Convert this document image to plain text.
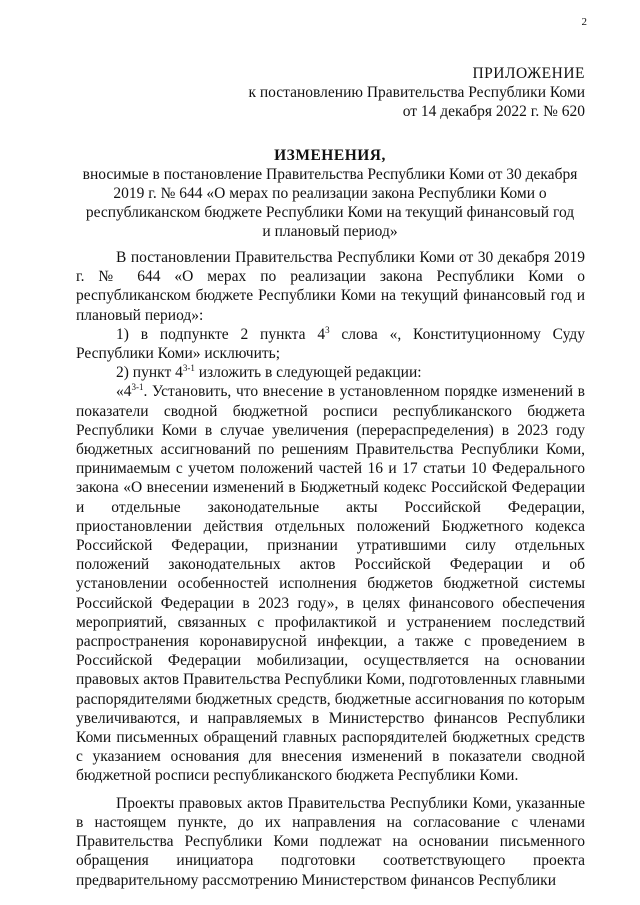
2
ПРИЛОЖЕНИЕ
к постановлению Правительства Республики Коми
от 14 декабря 2022 г. № 620
ИЗМЕНЕНИЯ,
вносимые в постановление Правительства Республики Коми от 30 декабря 2019 г. № 644 «О мерах по реализации закона Республики Коми о республиканском бюджете Республики Коми на текущий финансовый год и плановый период»

В постановлении Правительства Республики Коми от 30 декабря 2019 г. № 644 «О мерах по реализации закона Республики Коми о республиканском бюджете Республики Коми на текущий финансовый год и плановый период»:

1) в подпункте 2 пункта $4^3$ слова «, Конституционному Суду Республики Коми» исключить;

2) пункт 4$^{3-1}$ изложить в следующей редакции:

«4$^{3-1}$. Установить, что внесение в установленном порядке изменений в показатели сводной бюджетной росписи республиканского бюджета Республики Коми в случае увеличения (перераспределения) в 2023 году бюджетных ассигнований по решениям Правительства Республики Коми, принимаемым с учетом положений частей 16 и 17 статьи 10 Федерального закона «О внесении изменений в Бюджетный кодекс Российской Федерации и отдельные законодательные акты Российской Федерации, приостановлении действия отдельных положений Бюджетного кодекса Российской Федерации, признании утратившими силу отдельных положений законодательных актов Российской Федерации и об установлении особенностей исполнения бюджетов бюджетной системы Российской Федерации в 2023 году», в целях финансового обеспечения мероприятий, связанных с профилактикой и устранением последствий распространения коронавирусной инфекции, а также с проведением в Российской Федерации мобилизации, осуществляется на основании правовых актов Правительства Республики Коми, подготовленных главными распорядителями бюджетных средств, бюджетные ассигнования по которым увеличиваются, и направляемых в Министерство финансов Республики Коми письменных обращений главных распорядителей бюджетных средств с указанием основания для внесения изменений в показатели сводной бюджетной росписи республиканского бюджета Республики Коми.

Проекты правовых актов Правительства Республики Коми, указанные в настоящем пункте, до их направления на согласование с членами Правительства Республики Коми подлежат на основании письменного обращения инициатора подготовки соответствующего проекта предварительному рассмотрению Министерством финансов Республики
